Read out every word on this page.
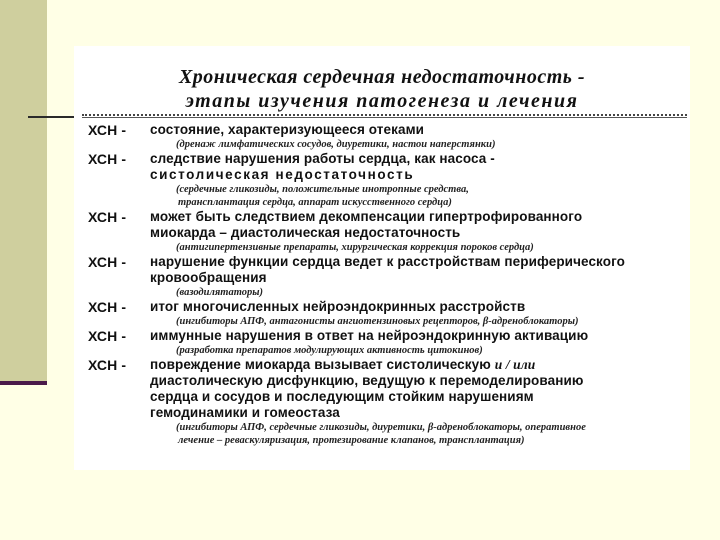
Хроническая сердечная недостаточность -
этапы изучения патогенеза и лечения
ХСН - состояние, характеризующееся отеками
(дренаж лимфатических сосудов, диуретики, настои наперстянки)
ХСН - следствие нарушения работы сердца, как насоса -
систолическая недостаточность
(сердечные гликозиды, положительные инотропные средства,
трансплантация сердца, аппарат искусственного сердца)
ХСН - может быть следствием декомпенсации гипертрофированного
миокарда – диастолическая недостаточность
(антигипертензивные препараты, хирургическая коррекция пороков сердца)
ХСН - нарушение функции сердца ведет к расстройствам периферического
кровообращения
(вазодилятаторы)
ХСН - итог многочисленных нейроэндокринных расстройств
(ингибиторы АПФ, антагонисты ангиотензиновых рецепторов, β-адреноблокаторы)
ХСН - иммунные нарушения в ответ на нейроэндокринную активацию
(разработка препаратов модулирующих активность цитокинов)
ХСН - повреждение миокарда вызывает систолическую и / или
диастолическую дисфункцию, ведущую к перемоделированию
сердца и сосудов и последующим стойким нарушениям
гемодинамики и гомеостаза
(ингибиторы АПФ, сердечные гликозиды, диуретики, β-адреноблокаторы, оперативное
лечение – реваскуляризация, протезирование клапанов, трансплантация)
